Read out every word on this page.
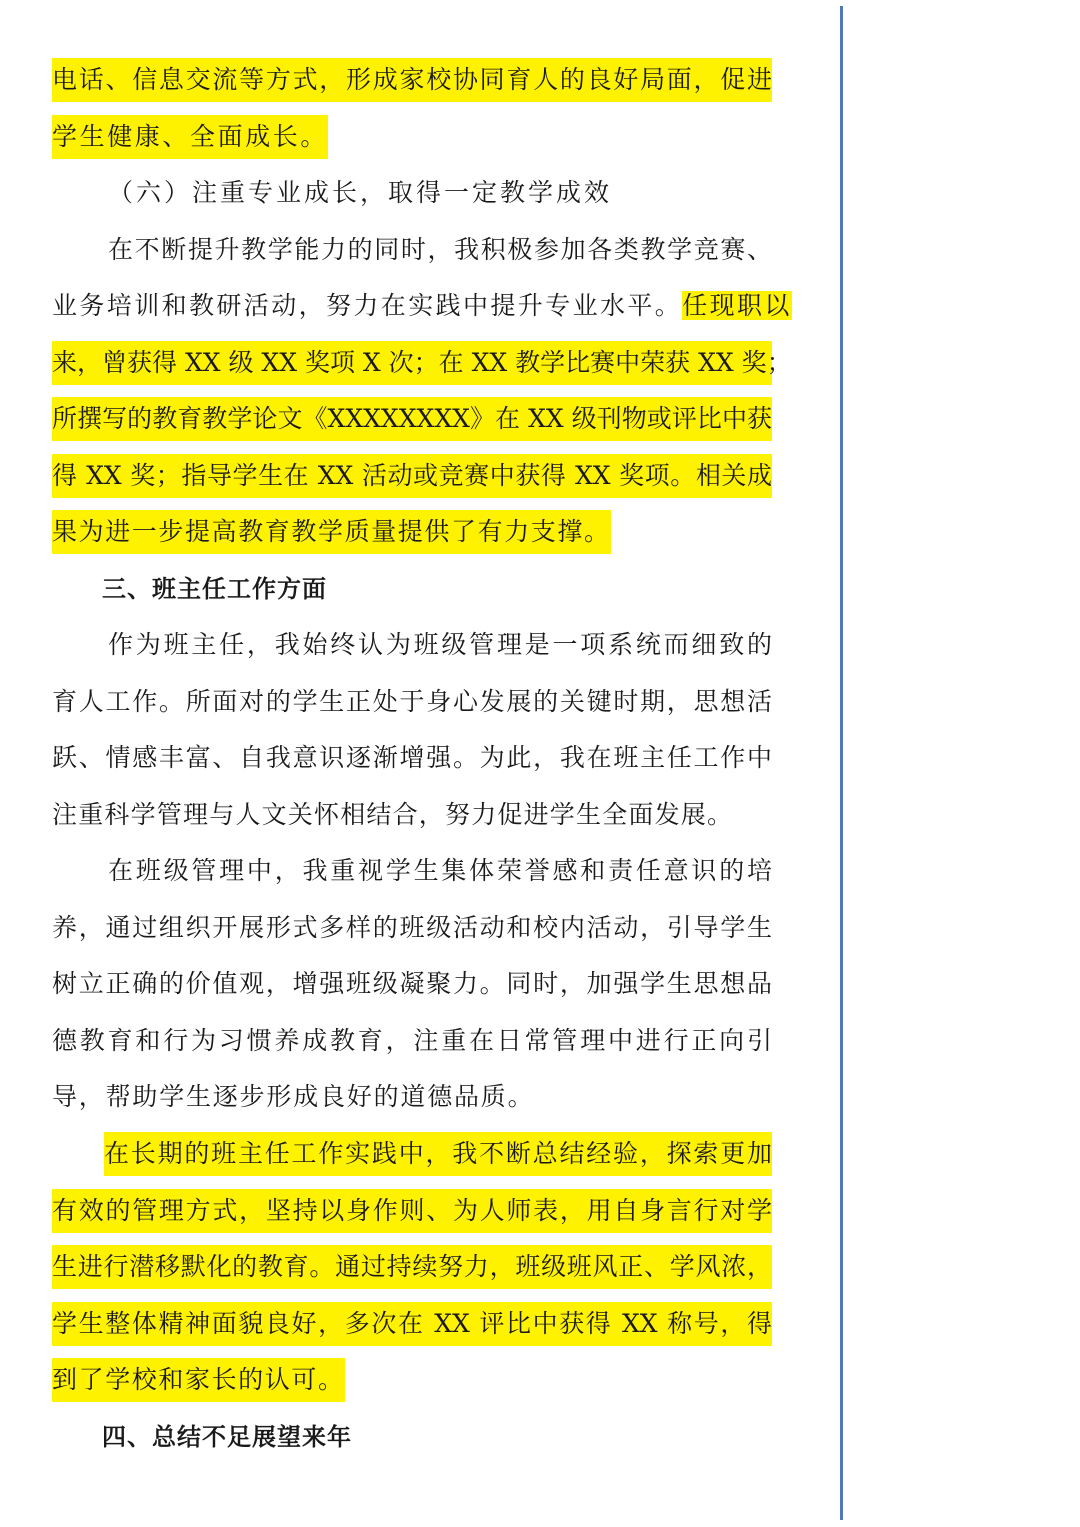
电话、信息交流等方式，形成家校协同育人的良好局面，促进
学生健康、全面成长。
（六）注重专业成长，取得一定教学成效
在不断提升教学能力的同时，我积极参加各类教学竞赛、
业务培训和教研活动，努力在实践中提升专业水平。任现职以
来，曾获得 XX 级 XX 奖项 X 次；在 XX 教学比赛中荣获 XX 奖；
所撰写的教育教学论文《XXXXXXXX》在 XX 级刊物或评比中获
得 XX 奖；指导学生在 XX 活动或竞赛中获得 XX 奖项。相关成
果为进一步提高教育教学质量提供了有力支撑。
三、班主任工作方面
作为班主任，我始终认为班级管理是一项系统而细致的
育人工作。所面对的学生正处于身心发展的关键时期，思想活
跃、情感丰富、自我意识逐渐增强。为此，我在班主任工作中
注重科学管理与人文关怀相结合，努力促进学生全面发展。
在班级管理中，我重视学生集体荣誉感和责任意识的培
养，通过组织开展形式多样的班级活动和校内活动，引导学生
树立正确的价值观，增强班级凝聚力。同时，加强学生思想品
德教育和行为习惯养成教育，注重在日常管理中进行正向引
导，帮助学生逐步形成良好的道德品质。
在长期的班主任工作实践中，我不断总结经验，探索更加
有效的管理方式，坚持以身作则、为人师表，用自身言行对学
生进行潜移默化的教育。通过持续努力，班级班风正、学风浓，
学生整体精神面貌良好，多次在 XX 评比中获得 XX 称号，得
到了学校和家长的认可。
四、总结不足展望来年
